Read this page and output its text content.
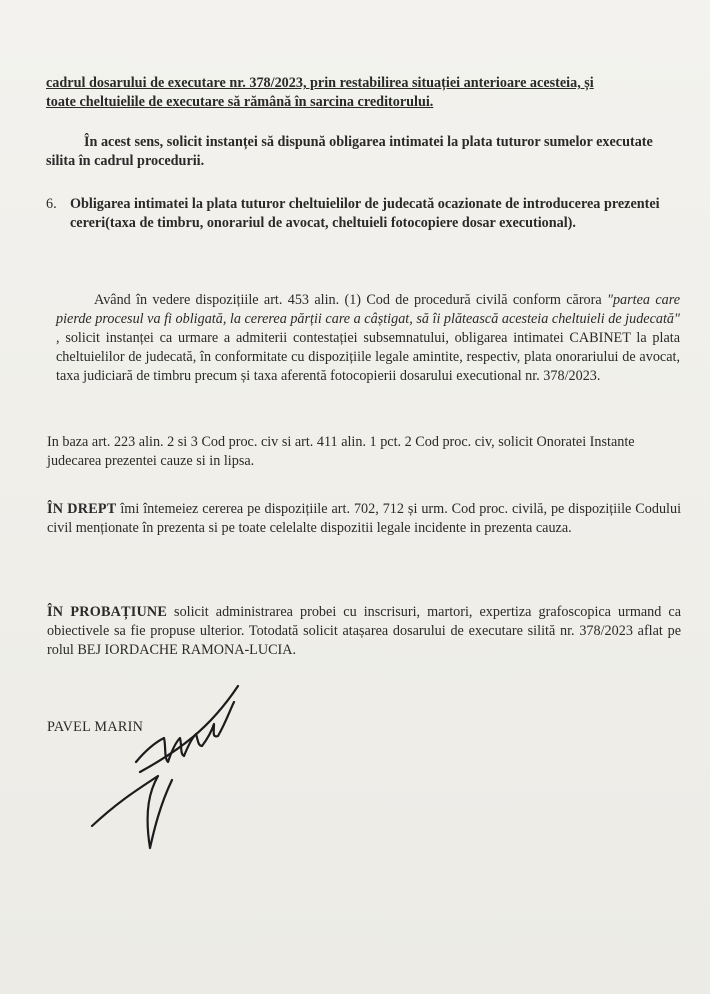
cadrul dosarului de executare nr. 378/2023, prin restabilirea situației anterioare acesteia, și
toate cheltuielile de executare să rămână în sarcina creditorului.
În acest sens, solicit instanței să dispună obligarea intimatei la plata tuturor sumelor executate silita în cadrul procedurii.
6. Obligarea intimatei la plata tuturor cheltuielilor de judecată ocazionate de introducerea prezentei cereri(taxa de timbru, onorariul de avocat, cheltuieli fotocopiere dosar executional).
Având în vedere dispozițiile art. 453 alin. (1) Cod de procedură civilă conform cărora "partea care pierde procesul va fi obligată, la cererea părții care a câștigat, să îi plătească acesteia cheltuieli de judecată" , solicit instanței ca urmare a admiterii contestației subsemnatului, obligarea intimatei CABINET la plata cheltuielilor de judecată, în conformitate cu dispozițiile legale amintite, respectiv, plata onorariului de avocat, taxa judiciară de timbru precum și taxa aferentă fotocopierii dosarului executional nr. 378/2023.
In baza art. 223 alin. 2 si 3 Cod proc. civ si art. 411 alin. 1 pct. 2 Cod proc. civ, solicit Onoratei Instante judecarea prezentei cauze si in lipsa.
ÎN DREPT îmi întemeiez cererea pe dispozițiile art. 702, 712 și urm. Cod proc. civilă, pe dispozițiile Codului civil menționate în prezenta si pe toate celelalte dispozitii legale incidente in prezenta cauza.
ÎN PROBAȚIUNE solicit administrarea probei cu inscrisuri, martori, expertiza grafoscopica urmand ca obiectivele sa fie propuse ulterior. Totodată solicit atașarea dosarului de executare silită nr. 378/2023 aflat pe rolul BEJ IORDACHE RAMONA-LUCIA.
PAVEL MARIN
